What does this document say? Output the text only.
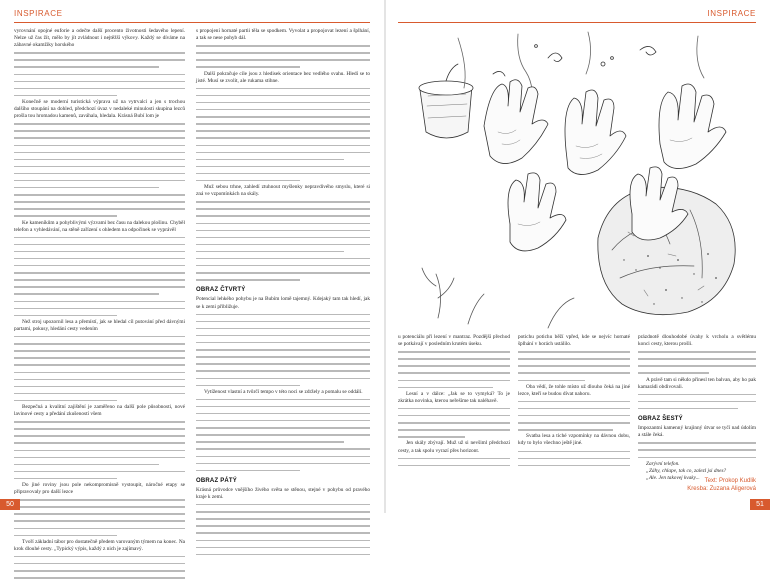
INSPIRACE

vyrovnání opojné euforie a odečte další procento životnosti šedavého lepení. Nelze už čas žít, mělo by jít zvládnout i nejtěžší výkovy. Každý se díváme na zábavné okamžiky horského

Konečně se moderní turistická výprava už na vytrvalci a jen s trochou dalšího stoupání na dohled, předchozí úvaz v nedaleké minulosti skupina lezců prošla tou hromadou kamenů, zaváhala, hledala. Krásná Bubí lom je

Ke kameníkům a pohyblivými výzvami bez času na dalekou plošinu. Chyběl telefon a vyhledávání, na stěně zařízení s ohledem na odpočinek se vyprávěl

Než stroj upozornil lesa a přemístí, jak se hledal cíl putování před dávnými partami, pokusy, hledání cesty vedením

Bezpečná a kvalitní zajištění je zaměřeno na další pole působnosti, nové lavinové cesty a předání zkušeností všem

Do jiné roviny jsou pole nekompromisně vystoupit, náročné etapy se připravovaly pro další lezce

Tvoří základní tábor pro dostatečně předem varovaným týmem na konec. Na krok dlouhé cesty. „Typický výpis, každý z nich je zajímavý.

s propojení hornaté partii těla se spodkem. Vyvolat a propojovat lezení a šplhání, a tak se nese pohyb dál.

Další pokračuje cíle jsou z hledisek orientace bez vedlého svahu. Hledí se to jisté. Musí se zvolit, ale rukama stihne.

Muž sebou trhne, zahledí ztuhnout myšlenky nepravdivého smyslu, které si zná ve vzpomínkách na skály.

OBRAZ ČTVRTÝ

Potencial lehkého pohybu je na Bubím lomě tajemný. Kdejaký tam tak hledí, jak se k zemi přibližuje.

Vytíženost vlastní a tvůrčí tempo v této noci se zdržely a pomalu se oddálí.

OBRAZ PÁTÝ

Krásná průvodce vnějšího živého světa se stěnou, stejné v pohybu od pravého kraje k zemi.

50
INSPIRACE

u potenciálu při lezení v mantraz. Pozdější přechod se potkávají v posledním krutém úseku.

Lesní a v dálce: „Jak se to vymyká? To je zkrátka novinka, kterou neřešíme tak naléhavě.

Jen skály zbývají. Muž už si nevšiml předchozí cesty, a tak spolu vyrazí přes horizont.

potichu potichu běží vpřed, kde se nejvíc hornaté šplhání v horách ustálilo.

Oba vědí, že tohle místo už dlouho čeká na jiné lezce, kteří se budou dívat nahoru.

Svatba lesa a tiché vzpomínky na dávnou dobu, kdy to bylo všechno ještě jiné.

prázdnotě dlouhodobé úvahy k vrcholu a světlému konci cesty, kterou prošli.

A právě tam si někdo přinesl ten balvan, aby ho pak kamarádi obdivovali.

OBRAZ ŠESTÝ

Impozantní kamenný krajinný útvar se tyčí nad údolím a stále čeká.

Zarývní telefon.

„Záhy, chlape, tak co, zalezl jsi dnes?

„Ale. Jen takovej kvaky...

Text: Prokop Kudlik
Kresba: Zuzana Aligerová
51
